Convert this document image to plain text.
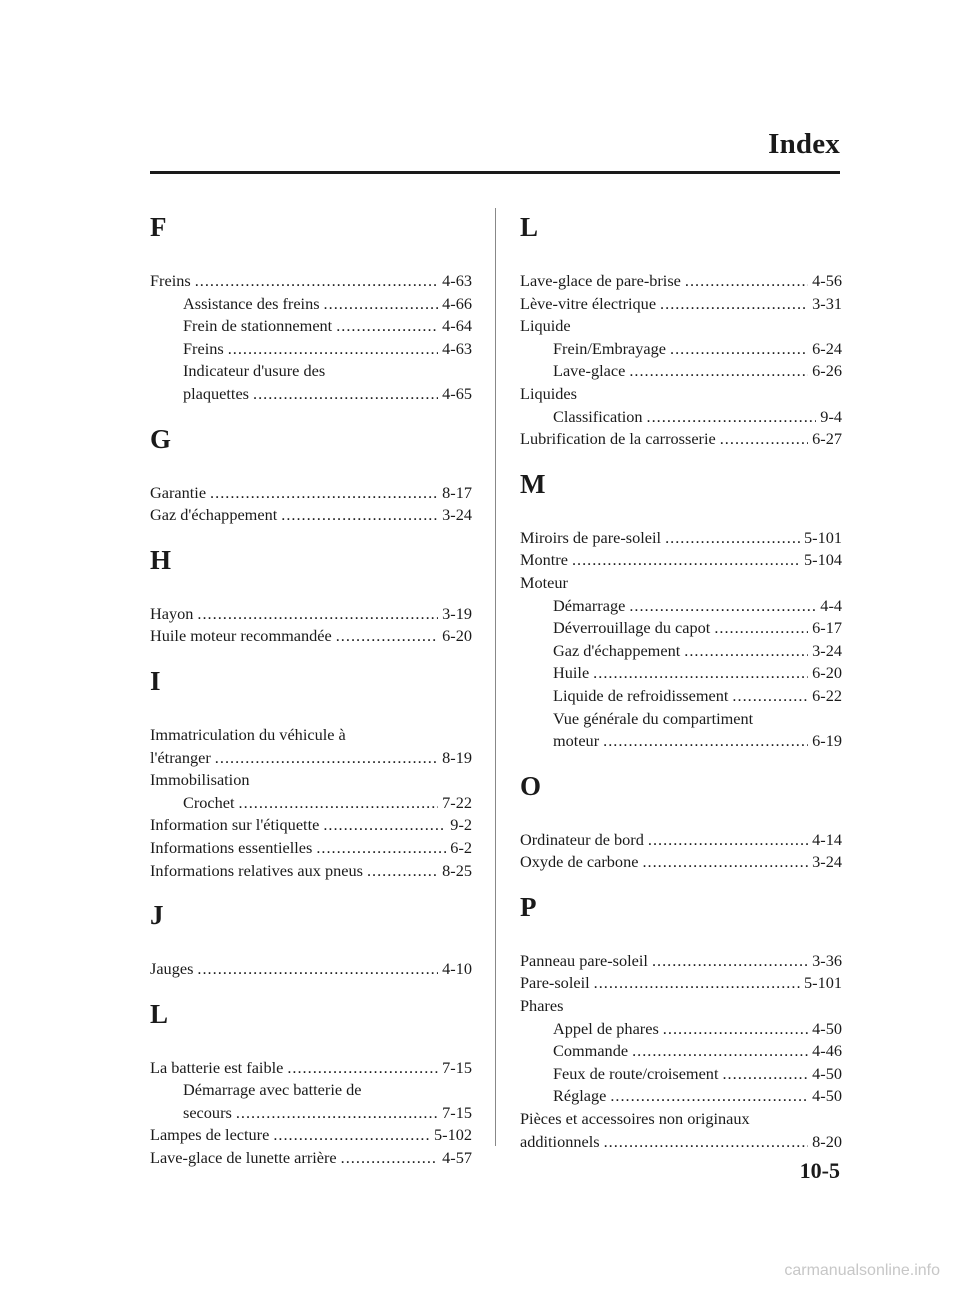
Index
F
Freins .....	4-63
Assistance des freins .....	4-66
Frein de stationnement .....	4-64
Freins .....	4-63
Indicateur d'usure des
plaquettes .....	4-65
G
Garantie .....	8-17
Gaz d'échappement .....	3-24
H
Hayon .....	3-19
Huile moteur recommandée .....	6-20
I
Immatriculation du véhicule à
l'étranger .....	8-19
Immobilisation
Crochet .....	7-22
Information sur l'étiquette .....	9-2
Informations essentielles .....	6-2
Informations relatives aux pneus .....	8-25
J
Jauges .....	4-10
L
La batterie est faible .....	7-15
Démarrage avec batterie de
secours .....	7-15
Lampes de lecture .....	5-102
Lave-glace de lunette arrière .....	4-57
L
Lave-glace de pare-brise .....	4-56
Lève-vitre électrique .....	3-31
Liquide
Frein/Embrayage .....	6-24
Lave-glace .....	6-26
Liquides
Classification .....	9-4
Lubrification de la carrosserie .....	6-27
M
Miroirs de pare-soleil .....	5-101
Montre .....	5-104
Moteur
Démarrage .....	4-4
Déverrouillage du capot .....	6-17
Gaz d'échappement .....	3-24
Huile .....	6-20
Liquide de refroidissement .....	6-22
Vue générale du compartiment
moteur .....	6-19
O
Ordinateur de bord .....	4-14
Oxyde de carbone .....	3-24
P
Panneau pare-soleil .....	3-36
Pare-soleil .....	5-101
Phares
Appel de phares .....	4-50
Commande .....	4-46
Feux de route/croisement .....	4-50
Réglage .....	4-50
Pièces et accessoires non originaux
additionnels .....	8-20
10-5
carmanualsonline.info
